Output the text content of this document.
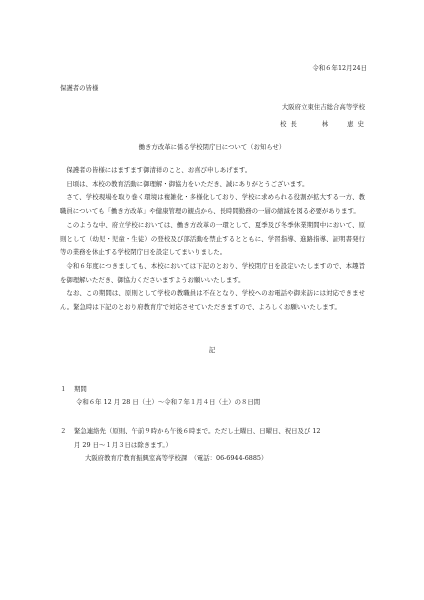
令和６年12月24日
保護者の皆様
大阪府立東住吉総合高等学校
校 長	林	恵 史
働き方改革に係る学校閉庁日について（お知らせ）

保護者の皆様にはますます御清祥のこと、お喜び申しあげます。

日頃は、本校の教育活動に御理解・御協力をいただき、誠にありがとうございます。

さて、学校現場を取り巻く環境は複雑化・多様化しており、学校に求められる役割が拡大する一方、教職員についても「働き方改革」や健康管理の観点から、長時間勤務の一層の縮減を図る必要があります。

このような中、府立学校においては、働き方改革の一環として、夏季及び冬季休業期間中において、原則として（幼児・児童・生徒）の登校及び部活動を禁止するとともに、学習指導、進路指導、証明書発行等の業務を休止する学校閉庁日を設定してまいりました。

令和６年度につきましても、本校においては下記のとおり、学校閉庁日を設定いたしますので、本趣旨を御理解いただき、御協力くださいますようお願いいたします。

なお、この期間は、原則として学校の教職員は不在となり、学校へのお電話や御来訪には対応できません。緊急時は下記のとおり府教育庁で対応させていただきますので、よろしくお願いいたします。

記
１ 期間
令和６年 12 月 28 日（土）～令和７年１月４日（土）の８日間
２ 緊急連絡先（原則、午前９時から午後６時まで。ただし土曜日、日曜日、祝日及び 12
月 29 日～１月３日は除きます。）
大阪府教育庁教育振興室高等学校課　（電話：06-6944-6885）
